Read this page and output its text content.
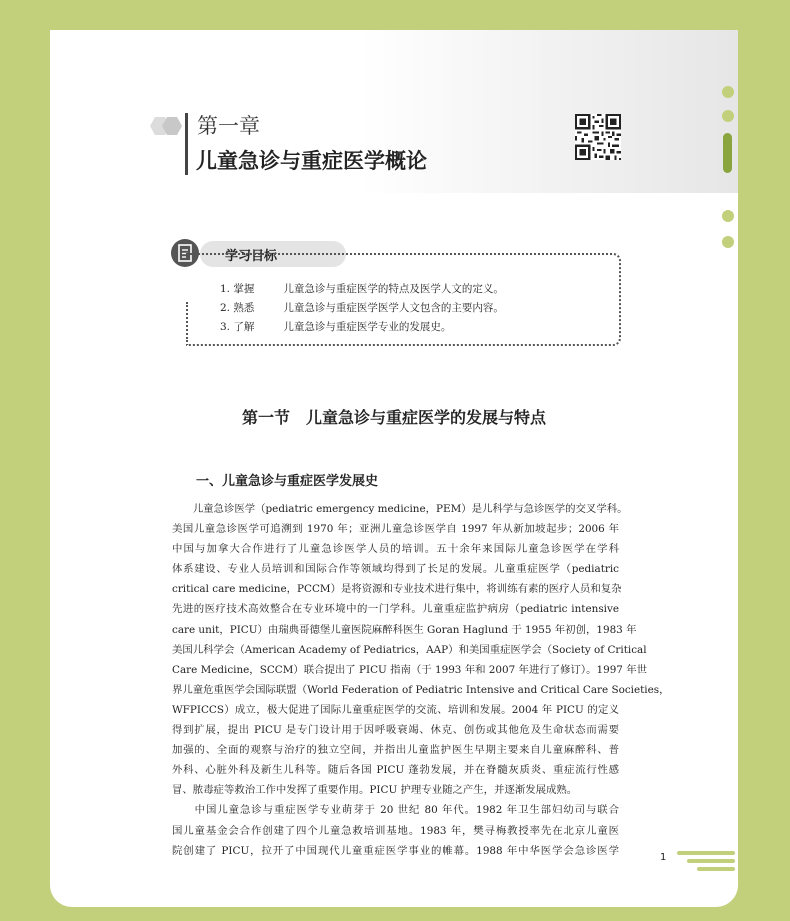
第一章
儿童急诊与重症医学概论
学习目标
1. 掌握	儿童急诊与重症医学的特点及医学人文的定义。
2. 熟悉	儿童急诊与重症医学医学人文包含的主要内容。
3. 了解	儿童急诊与重症医学专业的发展史。
第一节　儿童急诊与重症医学的发展与特点
一、儿童急诊与重症医学发展史
　　儿童急诊医学（pediatric emergency medicine，PEM）是儿科学与急诊医学的交叉学科。
美国儿童急诊医学可追溯到 1970 年；亚洲儿童急诊医学自 1997 年从新加坡起步；2006 年
中国与加拿大合作进行了儿童急诊医学人员的培训。五十余年来国际儿童急诊医学在学科
体系建设、专业人员培训和国际合作等领域均得到了长足的发展。儿童重症医学（pediatric
critical care medicine，PCCM）是将资源和专业技术进行集中，将训练有素的医疗人员和复杂
先进的医疗技术高效整合在专业环境中的一门学科。儿童重症监护病房（pediatric intensive
care unit，PICU）由瑞典哥德堡儿童医院麻醉科医生 Goran Haglund 于 1955 年初创，1983 年
美国儿科学会（American Academy of Pediatrics，AAP）和美国重症医学会（Society of Critical
Care Medicine，SCCM）联合提出了 PICU 指南（于 1993 年和 2007 年进行了修订）。1997 年世
界儿童危重医学会国际联盟（World Federation of Pediatric Intensive and Critical Care Societies，
WFPICCS）成立，极大促进了国际儿童重症医学的交流、培训和发展。2004 年 PICU 的定义
得到扩展，提出 PICU 是专门设计用于因呼吸衰竭、休克、创伤或其他危及生命状态而需要
加强的、全面的观察与治疗的独立空间，并指出儿童监护医生早期主要来自儿童麻醉科、普
外科、心脏外科及新生儿科等。随后各国 PICU 蓬勃发展，并在脊髓灰质炎、重症流行性感
冒、脓毒症等救治工作中发挥了重要作用。PICU 护理专业随之产生，并逐渐发展成熟。
　　中国儿童急诊与重症医学专业萌芽于 20 世纪 80 年代。1982 年卫生部妇幼司与联合
国儿童基金会合作创建了四个儿童急救培训基地。1983 年，樊寻梅教授率先在北京儿童医
院创建了 PICU，拉开了中国现代儿童重症医学事业的帷幕。1988 年中华医学会急诊医学
1
